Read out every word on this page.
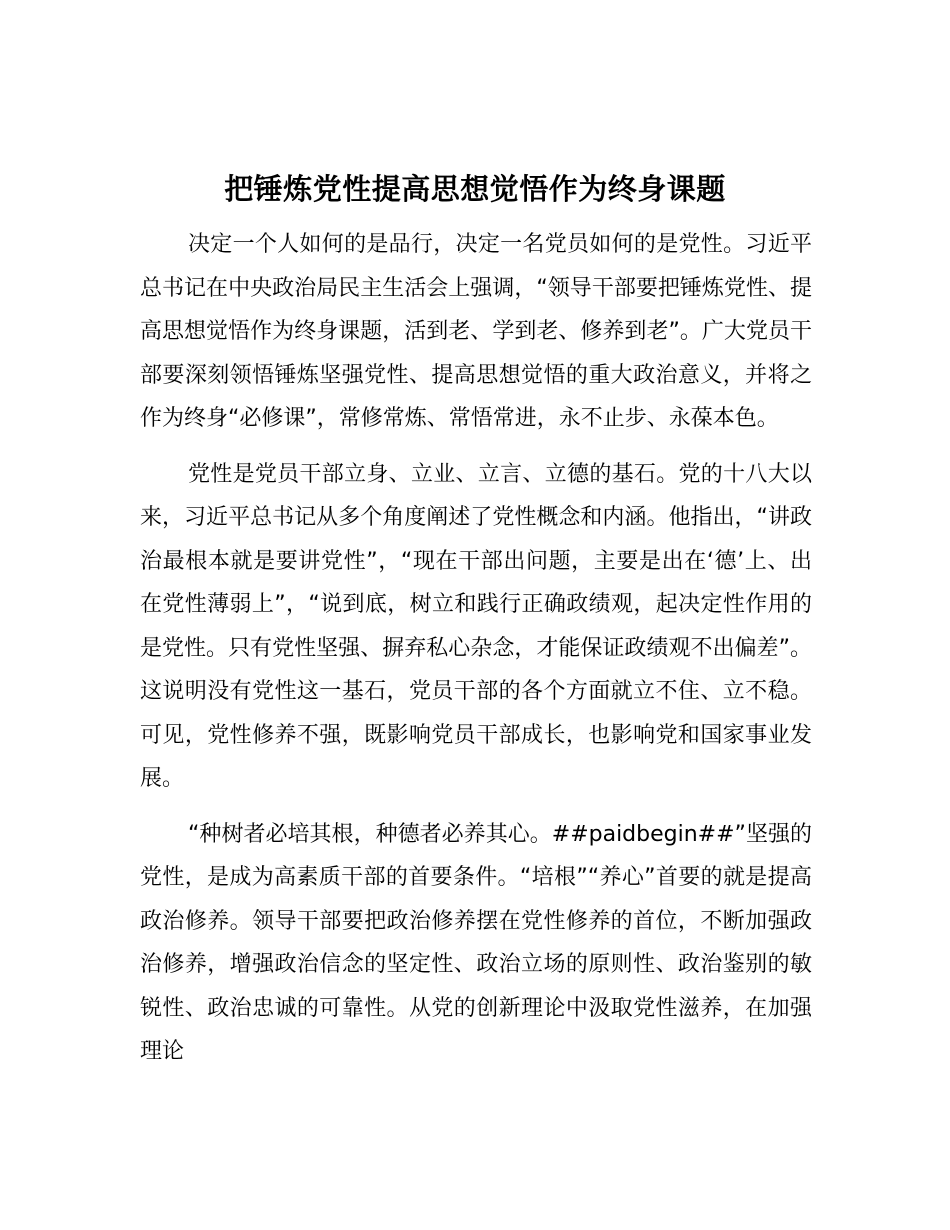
把锤炼党性提高思想觉悟作为终身课题

决定一个人如何的是品行，决定一名党员如何的是党性。习近平总书记在中央政治局民主生活会上强调，“领导干部要把锤炼党性、提高思想觉悟作为终身课题，活到老、学到老、修养到老”。广大党员干部要深刻领悟锤炼坚强党性、提高思想觉悟的重大政治意义，并将之作为终身“必修课”，常修常炼、常悟常进，永不止步、永葆本色。

党性是党员干部立身、立业、立言、立德的基石。党的十八大以来，习近平总书记从多个角度阐述了党性概念和内涵。他指出，“讲政治最根本就是要讲党性”，“现在干部出问题，主要是出在‘德’上、出在党性薄弱上”，“说到底，树立和践行正确政绩观，起决定性作用的是党性。只有党性坚强、摒弃私心杂念，才能保证政绩观不出偏差”。这说明没有党性这一基石，党员干部的各个方面就立不住、立不稳。可见，党性修养不强，既影响党员干部成长，也影响党和国家事业发展。

“种树者必培其根，种德者必养其心。##paidbegin##”坚强的党性，是成为高素质干部的首要条件。“培根”“养心”首要的就是提高政治修养。领导干部要把政治修养摆在党性修养的首位，不断加强政治修养，增强政治信念的坚定性、政治立场的原则性、政治鉴别的敏锐性、政治忠诚的可靠性。从党的创新理论中汲取党性滋养，在加强理论
